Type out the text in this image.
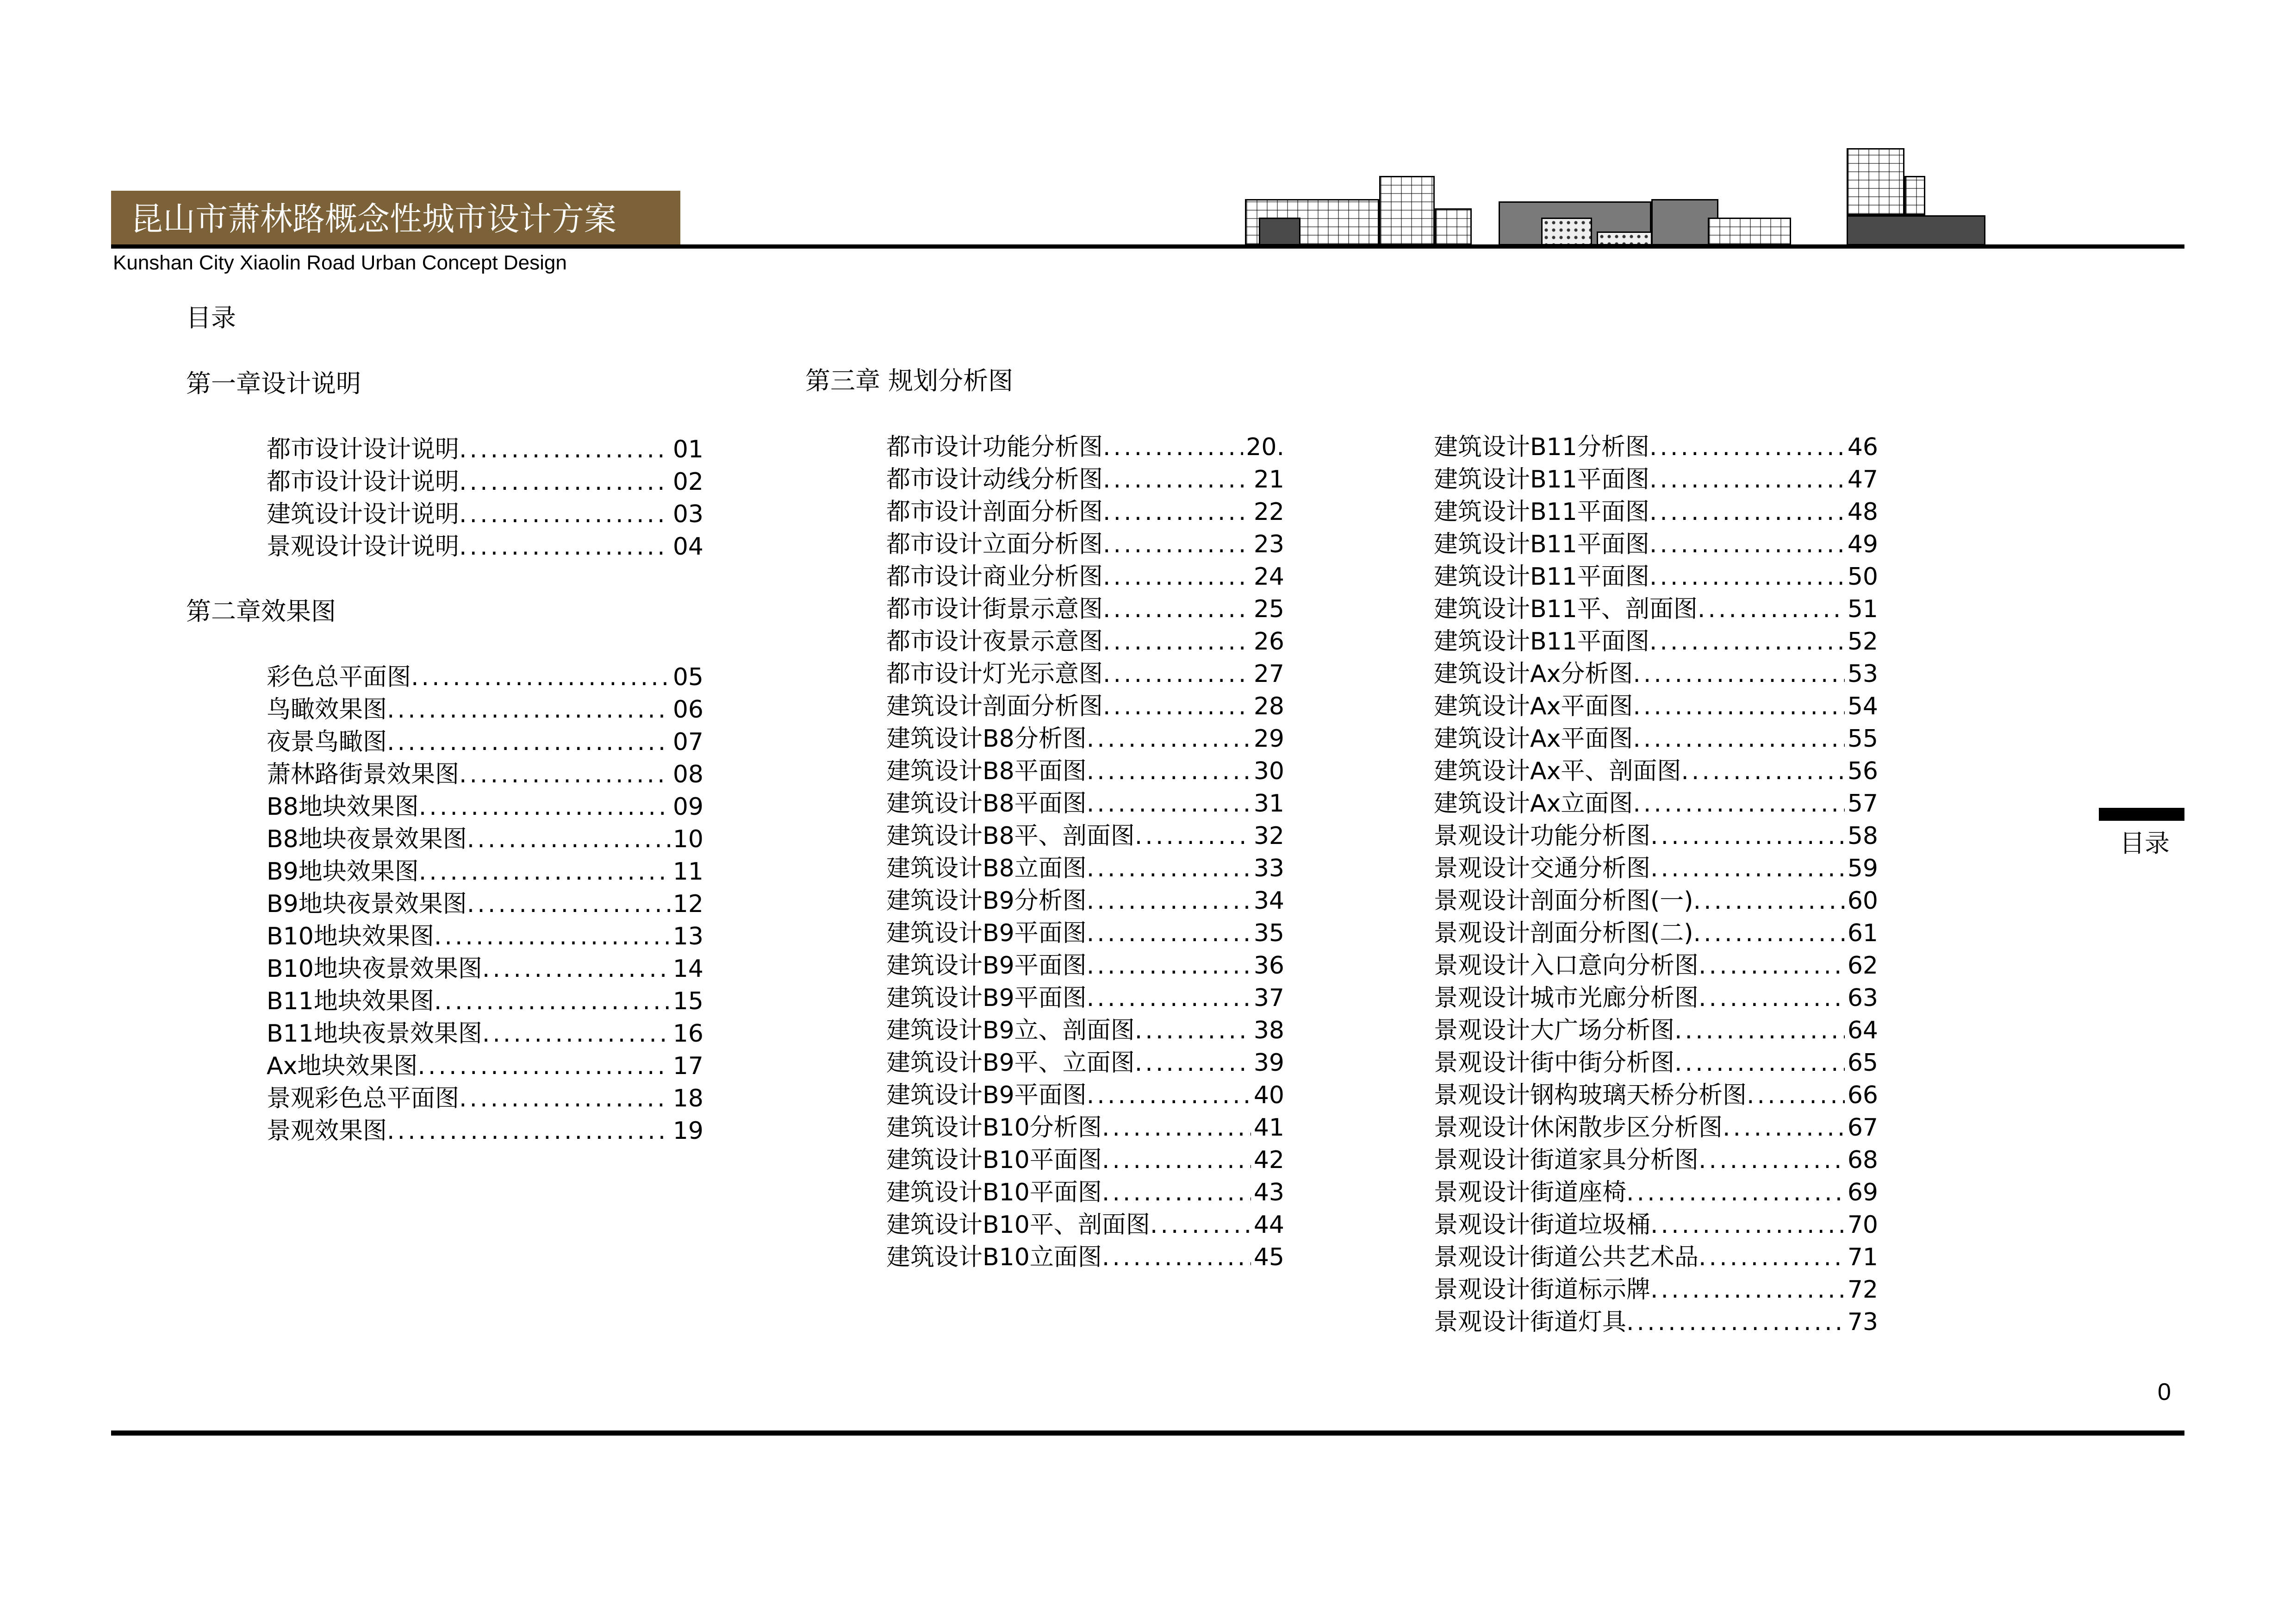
昆山市萧林路概念性城市设计方案
Kunshan City Xiaolin Road Urban Concept Design
目录
第一章设计说明
都市设计设计说明 .....	01
都市设计设计说明 .....	02
建筑设计设计说明 .....	03
景观设计设计说明 .....	04
第二章效果图
彩色总平面图 .....	05
鸟瞰效果图 .....	06
夜景鸟瞰图 .....	07
萧林路街景效果图 .....	08
B8地块效果图 .....	09
B8地块夜景效果图 .....	10
B9地块效果图 .....	11
B9地块夜景效果图 .....	12
B10地块效果图 .....	13
B10地块夜景效果图 .....	14
B11地块效果图 .....	15
B11地块夜景效果图 .....	16
Ax地块效果图 .....	17
景观彩色总平面图 .....	18
景观效果图 .....	19
第三章 规划分析图
都市设计功能分析图 .....	20.
都市设计动线分析图 .....	21
都市设计剖面分析图 .....	22
都市设计立面分析图 .....	23
都市设计商业分析图 .....	24
都市设计街景示意图 .....	25
都市设计夜景示意图 .....	26
都市设计灯光示意图 .....	27
建筑设计剖面分析图 .....	28
建筑设计B8分析图 .....	29
建筑设计B8平面图 .....	30
建筑设计B8平面图 .....	31
建筑设计B8平、剖面图 .....	32
建筑设计B8立面图 .....	33
建筑设计B9分析图 .....	34
建筑设计B9平面图 .....	35
建筑设计B9平面图 .....	36
建筑设计B9平面图 .....	37
建筑设计B9立、剖面图 .....	38
建筑设计B9平、立面图 .....	39
建筑设计B9平面图 .....	40
建筑设计B10分析图 .....	41
建筑设计B10平面图 .....	42
建筑设计B10平面图 .....	43
建筑设计B10平、剖面图 .....	44
建筑设计B10立面图 .....	45
建筑设计B11分析图 .....	46
建筑设计B11平面图 .....	47
建筑设计B11平面图 .....	48
建筑设计B11平面图 .....	49
建筑设计B11平面图 .....	50
建筑设计B11平、剖面图 .....	51
建筑设计B11平面图 .....	52
建筑设计Ax分析图 .....	53
建筑设计Ax平面图 .....	54
建筑设计Ax平面图 .....	55
建筑设计Ax平、剖面图 .....	56
建筑设计Ax立面图 .....	57
景观设计功能分析图 .....	58
景观设计交通分析图 .....	59
景观设计剖面分析图(一) .....	60
景观设计剖面分析图(二) .....	61
景观设计入口意向分析图 .....	62
景观设计城市光廊分析图 .....	63
景观设计大广场分析图 .....	64
景观设计街中街分析图 .....	65
景观设计钢构玻璃天桥分析图 .....	66
景观设计休闲散步区分析图 .....	67
景观设计街道家具分析图 .....	68
景观设计街道座椅 .....	69
景观设计街道垃圾桶 .....	70
景观设计街道公共艺术品 .....	71
景观设计街道标示牌 .....	72
景观设计街道灯具 .....	73
目录
0
